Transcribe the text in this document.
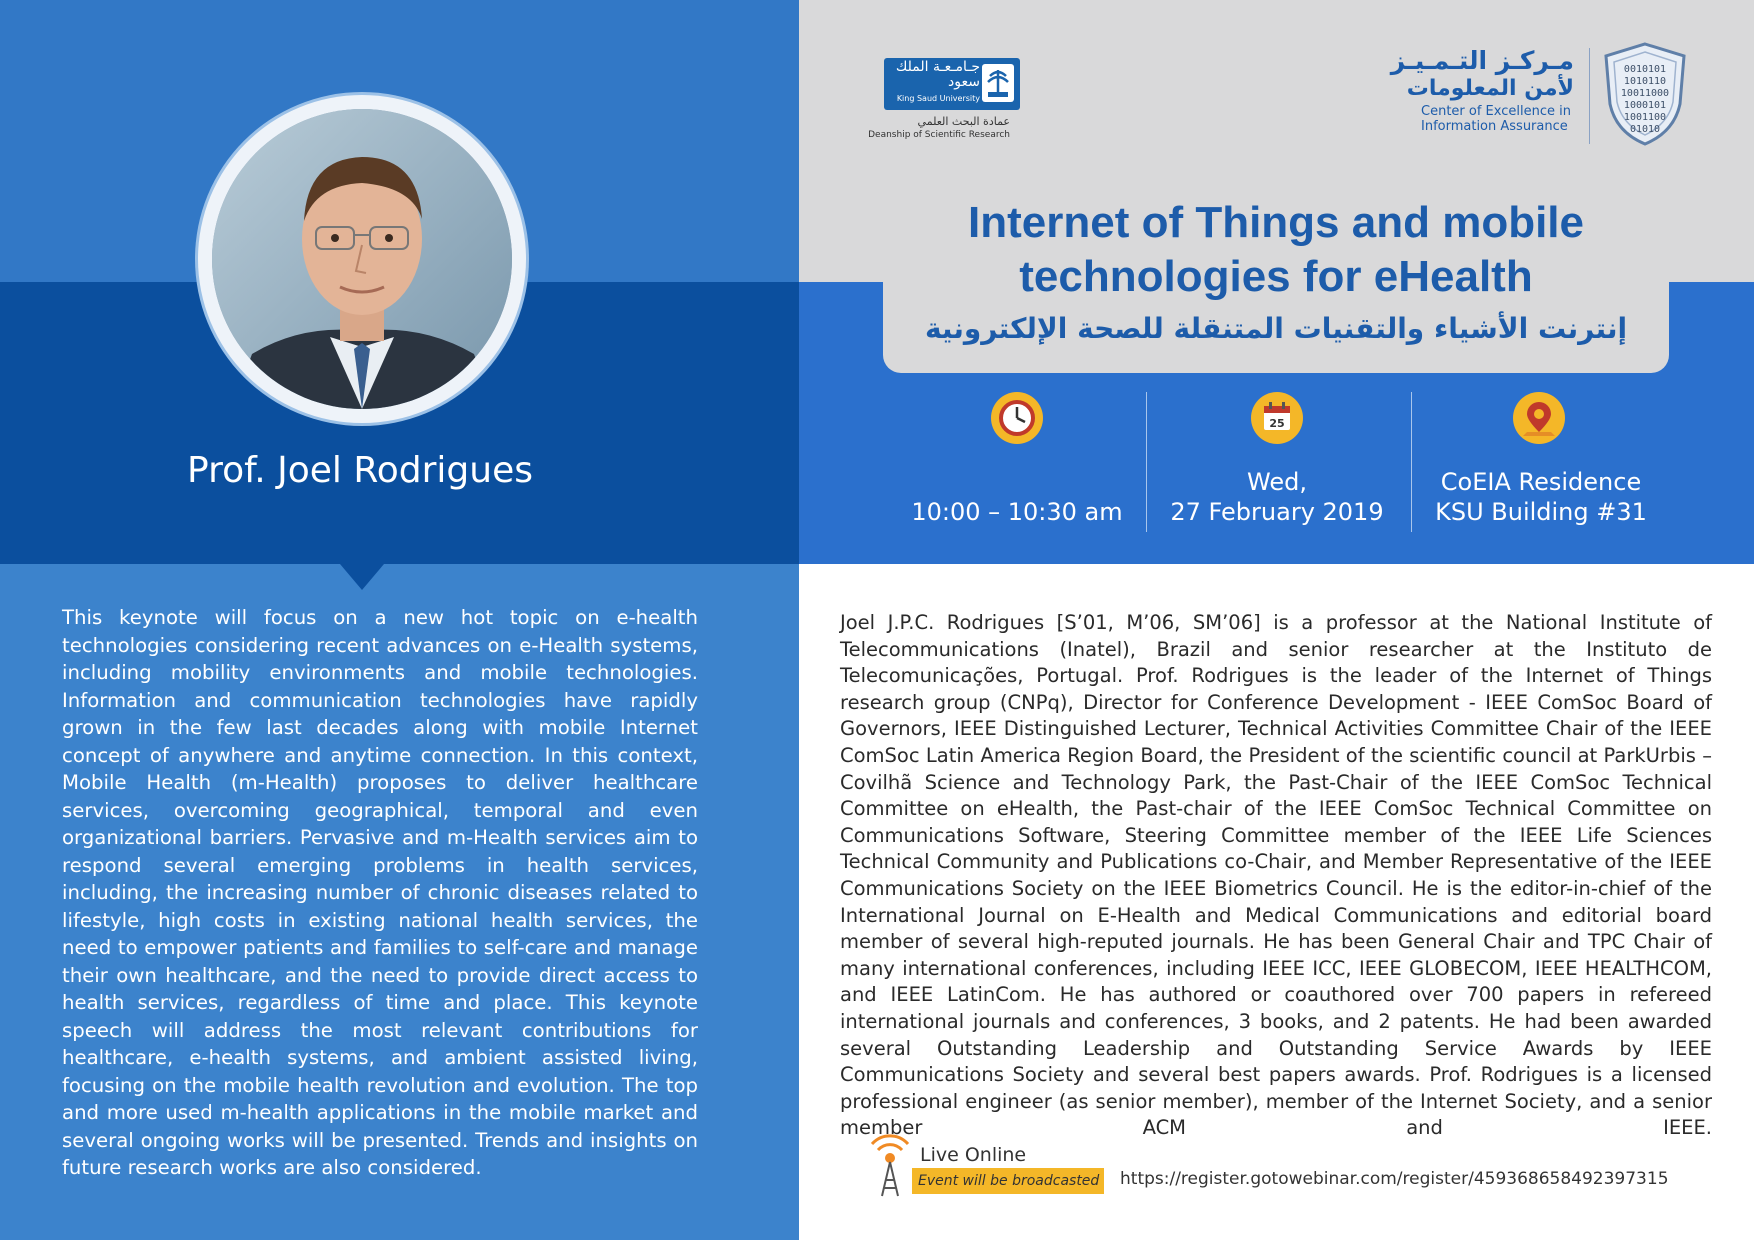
Prof. Joel Rodrigues
This keynote will focus on a new hot topic on e-health technologies considering recent advances on e-Health systems, including mobility environments and mobile technologies. Information and communication technologies have rapidly grown in the few last decades along with mobile Internet concept of anywhere and anytime connection. In this context, Mobile Health (m-Health) proposes to deliver healthcare services, overcoming geographical, temporal and even organizational barriers. Pervasive and m-Health services aim to respond several emerging problems in health services, including, the increasing number of chronic diseases related to lifestyle, high costs in existing national health services, the need to empower patients and families to self-care and manage their own healthcare, and the need to provide direct access to health services, regardless of time and place. This keynote speech will address the most relevant contributions for healthcare, e-health systems, and ambient assisted living, focusing on the mobile health revolution and evolution. The top and more used m-health applications in the mobile market and several ongoing works will be presented. Trends and insights on future research works are also considered.
جـامـعـة الملك سعود
King Saud University
عمادة البحث العلمي
Deanship of Scientific Research
مـركـز التـمـيـز
لأمن المعلومات
Center of Excellence in
Information Assurance
0010101
1010110
10011000
1000101
1001100
01010
Internet of Things and mobile
technologies for eHealth
إنترنت الأشياء والتقنيات المتنقلة للصحة الإلكترونية
25
10:00 – 10:30 am
Wed,
27 February 2019
CoEIA Residence
KSU Building #31
Joel J.P.C. Rodrigues [S’01, M’06, SM’06] is a professor at the National Institute of Telecommunications (Inatel), Brazil and senior researcher at the Instituto de Telecomunicações, Portugal. Prof. Rodrigues is the leader of the Internet of Things research group (CNPq), Director for Conference Development - IEEE ComSoc Board of Governors, IEEE Distinguished Lecturer, Technical Activities Committee Chair of the IEEE ComSoc Latin America Region Board, the President of the scientific council at ParkUrbis – Covilhã Science and Technology Park, the Past-Chair of the IEEE ComSoc Technical Committee on eHealth, the Past-chair of the IEEE ComSoc Technical Committee on Communications Software, Steering Committee member of the IEEE Life Sciences Technical Community and Publications co-Chair, and Member Representative of the IEEE Communications Society on the IEEE Biometrics Council. He is the editor-in-chief of the International Journal on E-Health and Medical Communications and editorial board member of several high-reputed journals. He has been General Chair and TPC Chair of many international conferences, including IEEE ICC, IEEE GLOBECOM, IEEE HEALTHCOM, and IEEE LatinCom. He has authored or coauthored over 700 papers in refereed international journals and conferences, 3 books, and 2 patents. He had been awarded several Outstanding Leadership and Outstanding Service Awards by IEEE Communications Society and several best papers awards. Prof. Rodrigues is a licensed professional engineer (as senior member), member of the Internet Society, and a senior member ACM and IEEE.
Live Online
Event will be broadcasted https://register.gotowebinar.com/register/459368658492397315
